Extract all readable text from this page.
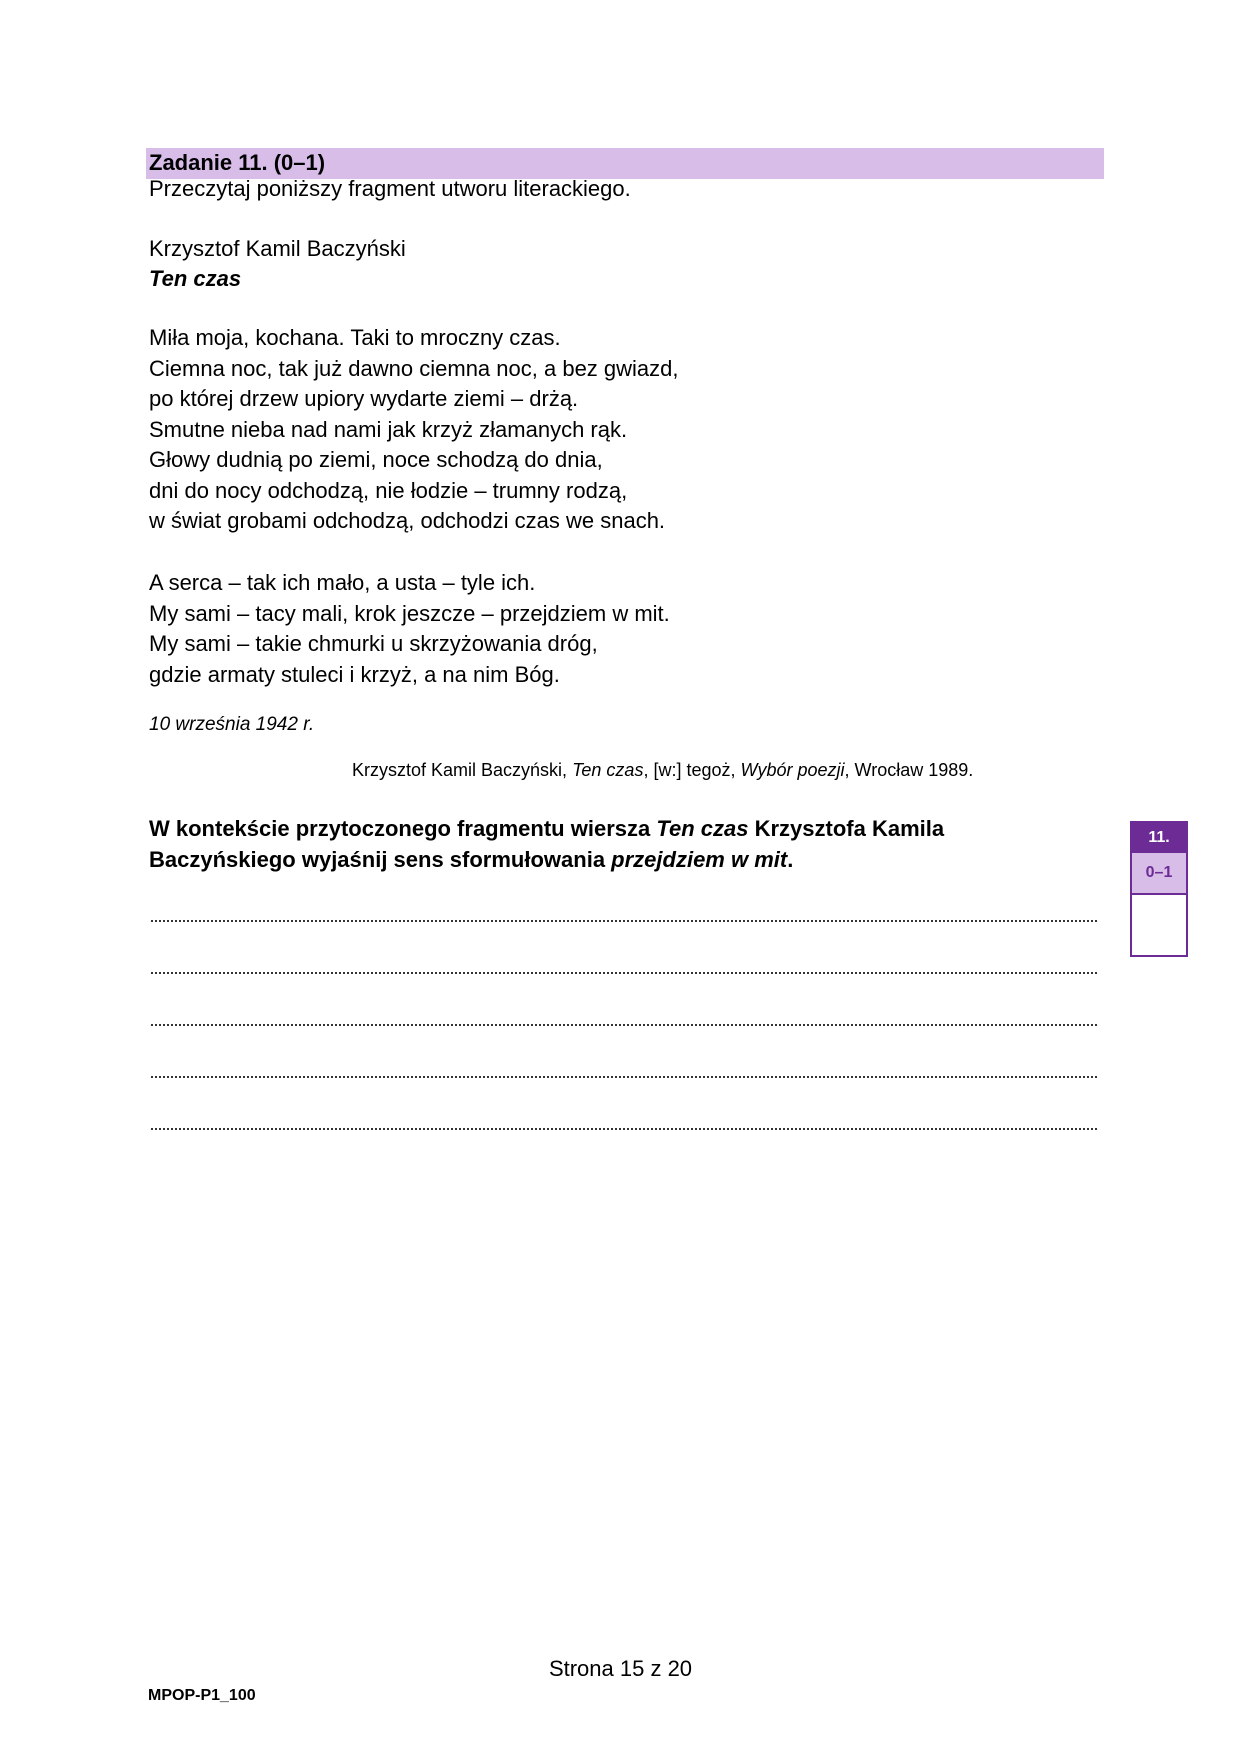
Zadanie 11. (0–1)
Przeczytaj poniższy fragment utworu literackiego.
Krzysztof Kamil Baczyński
Ten czas
Miła moja, kochana. Taki to mroczny czas.
Ciemna noc, tak już dawno ciemna noc, a bez gwiazd,
po której drzew upiory wydarte ziemi – drżą.
Smutne nieba nad nami jak krzyż złamanych rąk.
Głowy dudnią po ziemi, noce schodzą do dnia,
dni do nocy odchodzą, nie łodzie – trumny rodzą,
w świat grobami odchodzą, odchodzi czas we snach.
A serca – tak ich mało, a usta – tyle ich.
My sami – tacy mali, krok jeszcze – przejdziem w mit.
My sami – takie chmurki u skrzyżowania dróg,
gdzie armaty stuleci i krzyż, a na nim Bóg.
10 września 1942 r.
Krzysztof Kamil Baczyński, Ten czas, [w:] tegoż, Wybór poezji, Wrocław 1989.
W kontekście przytoczonego fragmentu wiersza Ten czas Krzysztofa Kamila
Baczyńskiego wyjaśnij sens sformułowania przejdziem w mit.
11.
0–1
Strona 15 z 20
MPOP-P1_100
